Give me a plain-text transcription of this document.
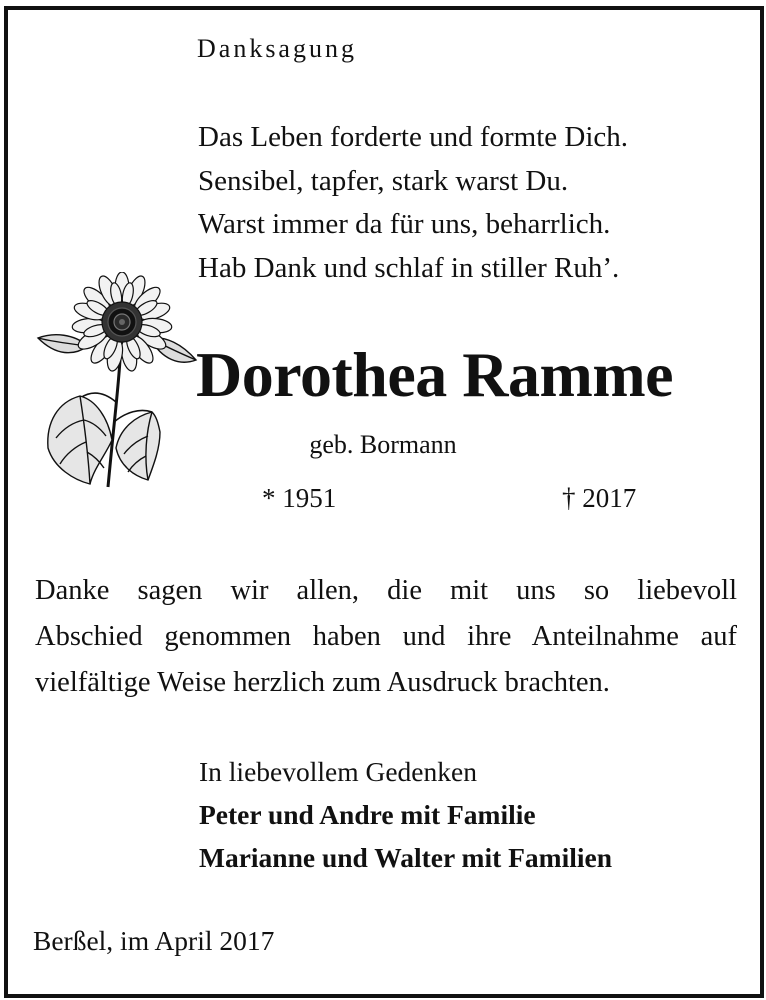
Danksagung
Das Leben forderte und formte Dich.
Sensibel, tapfer, stark warst Du.
Warst immer da für uns, beharrlich.
Hab Dank und schlaf in stiller Ruh’.
Dorothea Ramme
geb. Bormann
* 1951	† 2017
Danke sagen wir allen, die mit uns so liebevoll
Abschied genommen haben und ihre Anteilnahme auf
vielfältige Weise herzlich zum Ausdruck brachten.
In liebevollem Gedenken
Peter und Andre mit Familie
Marianne und Walter mit Familien
Berßel, im April 2017
